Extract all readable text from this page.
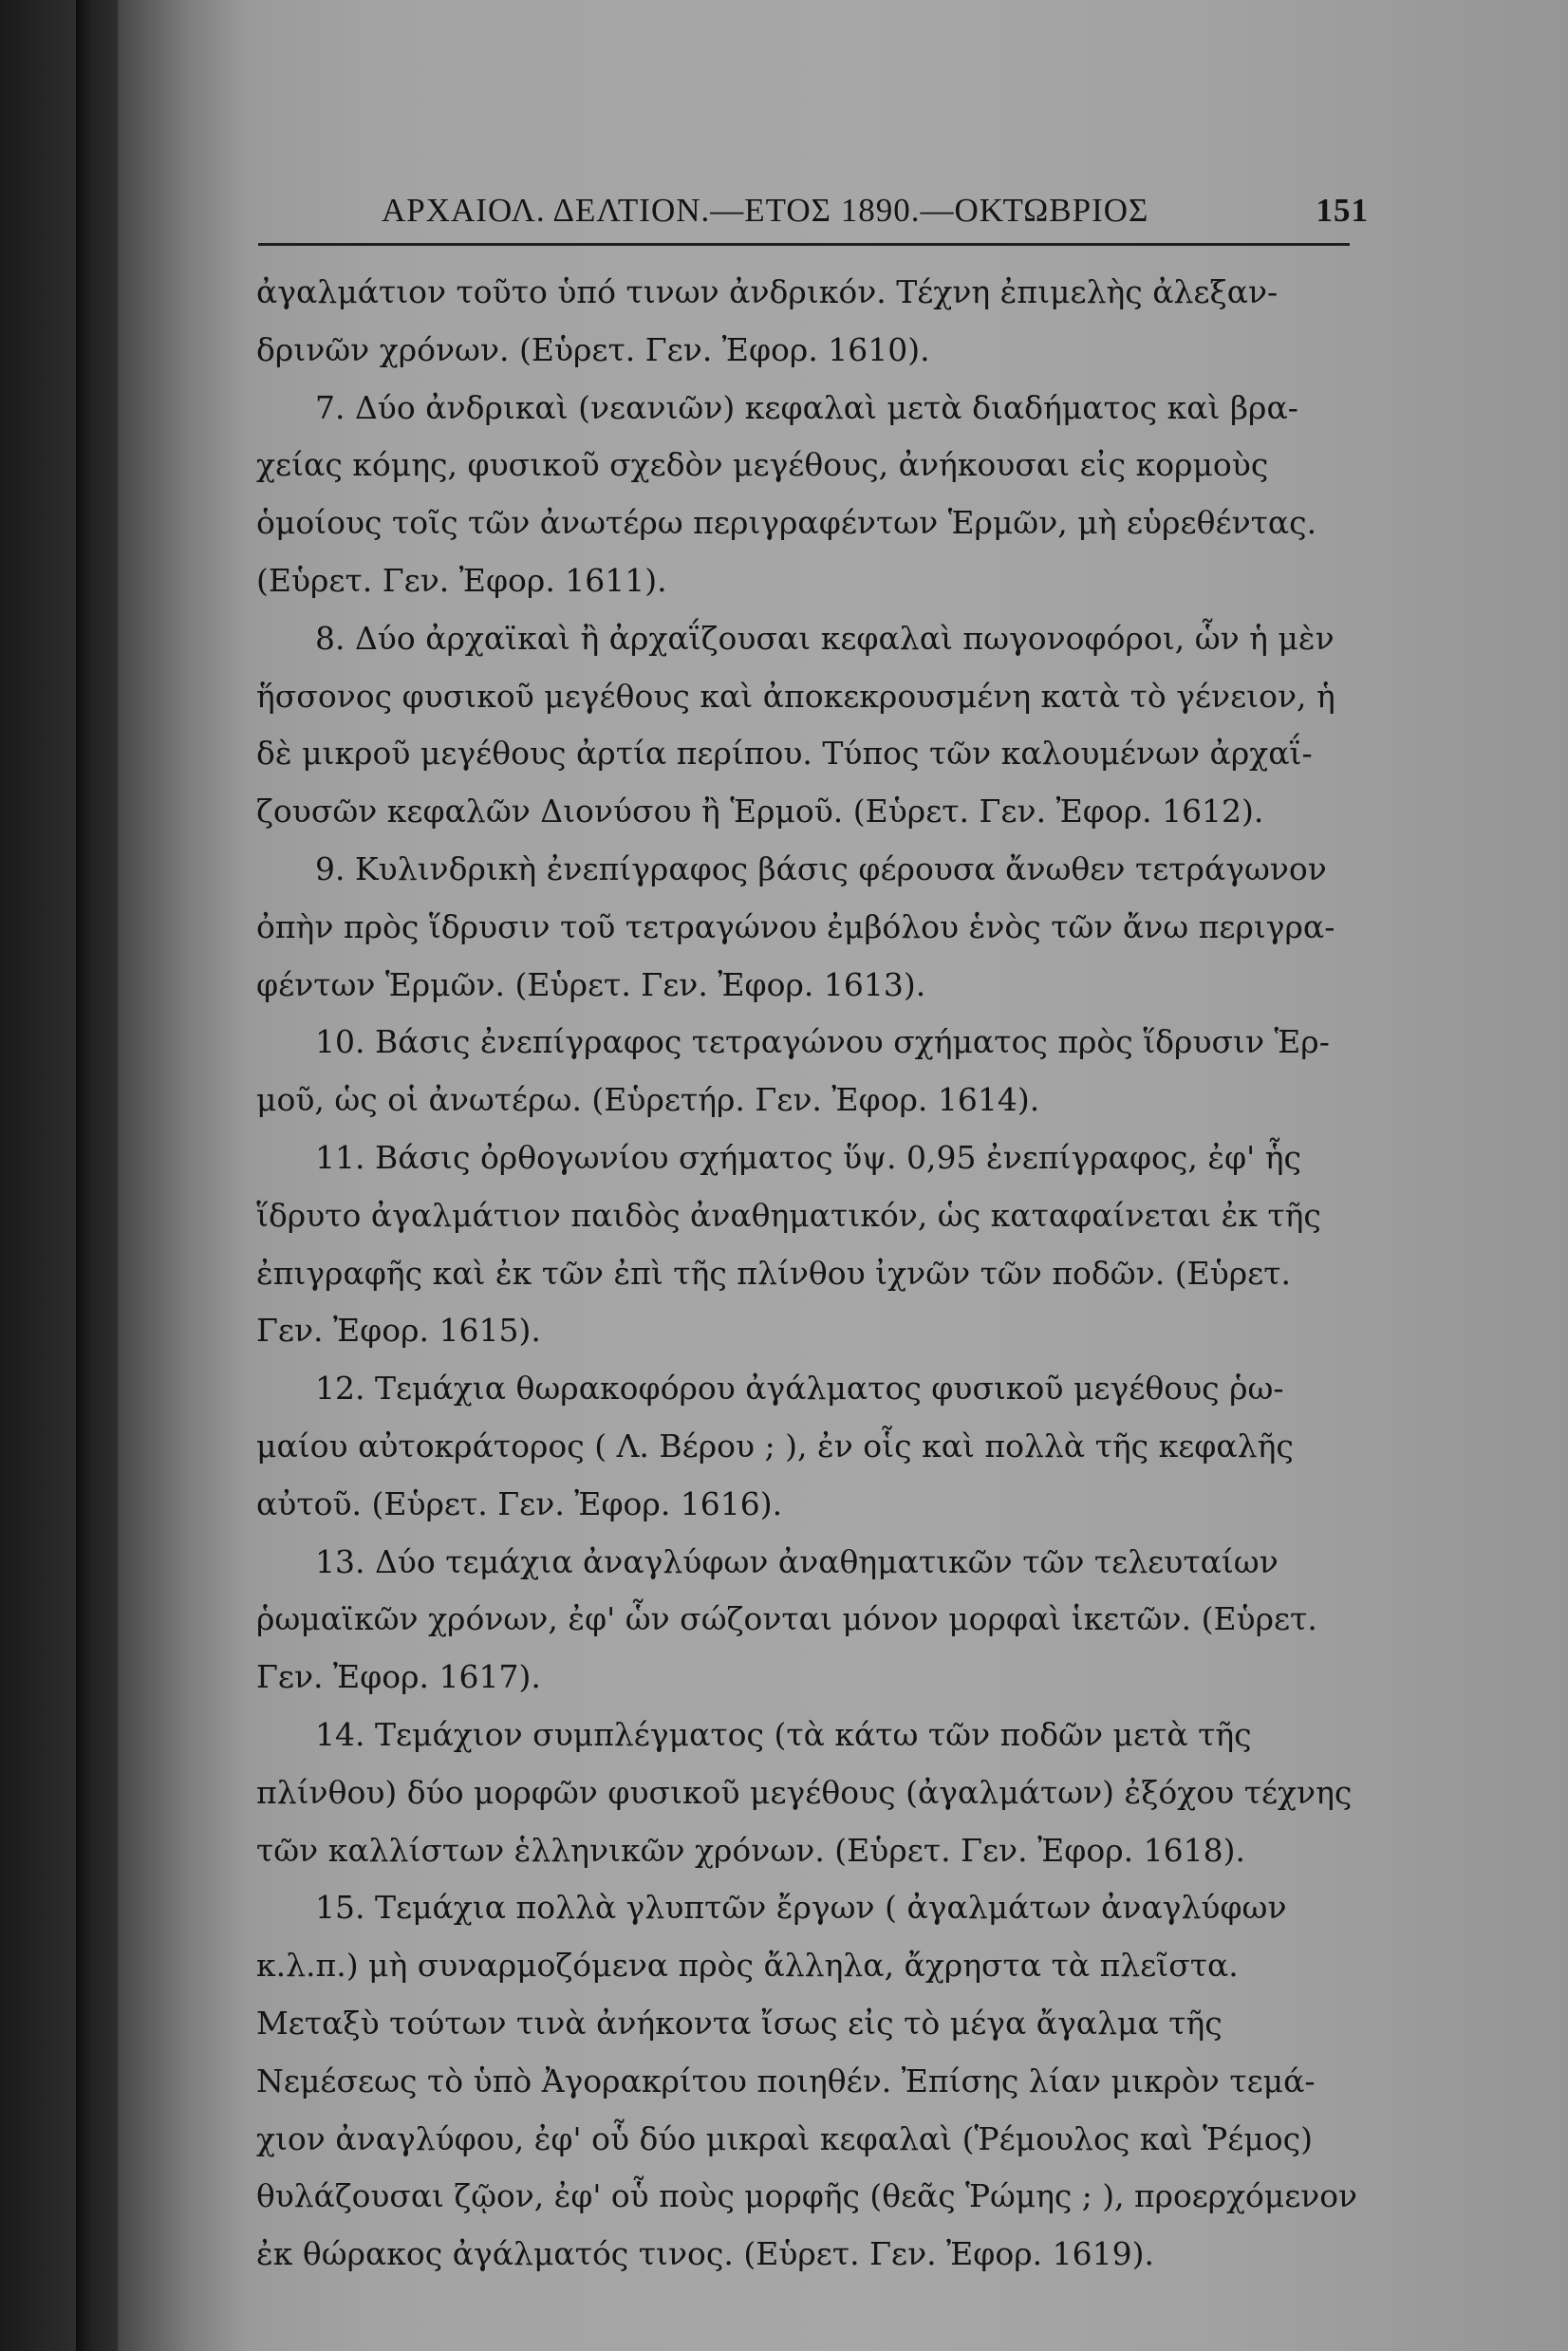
ΑΡΧΑΙΟΛ. ΔΕΛΤΙΟΝ.—ΕΤΟΣ 1890.—ΟΚΤΩΒΡΙΟΣ	151
ἀγαλμάτιον τοῦτο ὑπό τινων ἀνδρικόν. Τέχνη ἐπιμελὴς ἀλεξαν-
δρινῶν χρόνων. (Εὑρετ. Γεν. Ἐφορ. 1610).
7. Δύο ἀνδρικαὶ (νεανιῶν) κεφαλαὶ μετὰ διαδήματος καὶ βρα-
χείας κόμης, φυσικοῦ σχεδὸν μεγέθους, ἀνήκουσαι εἰς κορμοὺς
ὁμοίους τοῖς τῶν ἀνωτέρω περιγραφέντων Ἑρμῶν, μὴ εὑρεθέντας.
(Εὑρετ. Γεν. Ἐφορ. 1611).
8. Δύο ἀρχαϊκαὶ ἢ ἀρχαΐζουσαι κεφαλαὶ πωγονοφόροι, ὧν ἡ μὲν
ἥσσονος φυσικοῦ μεγέθους καὶ ἀποκεκρουσμένη κατὰ τὸ γένειον, ἡ
δὲ μικροῦ μεγέθους ἀρτία περίπου. Τύπος τῶν καλουμένων ἀρχαΐ-
ζουσῶν κεφαλῶν Διονύσου ἢ Ἑρμοῦ. (Εὑρετ. Γεν. Ἐφορ. 1612).
9. Κυλινδρικὴ ἐνεπίγραφος βάσις φέρουσα ἄνωθεν τετράγωνον
ὀπὴν πρὸς ἵδρυσιν τοῦ τετραγώνου ἐμβόλου ἑνὸς τῶν ἄνω περιγρα-
φέντων Ἑρμῶν. (Εὑρετ. Γεν. Ἐφορ. 1613).
10. Βάσις ἐνεπίγραφος τετραγώνου σχήματος πρὸς ἵδρυσιν Ἑρ-
μοῦ, ὡς οἱ ἀνωτέρω. (Εὑρετήρ. Γεν. Ἐφορ. 1614).
11. Βάσις ὀρθογωνίου σχήματος ὕψ. 0,95 ἐνεπίγραφος, ἐφ' ἧς
ἵδρυτο ἀγαλμάτιον παιδὸς ἀναθηματικόν, ὡς καταφαίνεται ἐκ τῆς
ἐπιγραφῆς καὶ ἐκ τῶν ἐπὶ τῆς πλίνθου ἰχνῶν τῶν ποδῶν. (Εὑρετ.
Γεν. Ἐφορ. 1615).
12. Τεμάχια θωρακοφόρου ἀγάλματος φυσικοῦ μεγέθους ῥω-
μαίου αὐτοκράτορος ( Λ. Βέρου ; ), ἐν οἷς καὶ πολλὰ τῆς κεφαλῆς
αὐτοῦ. (Εὑρετ. Γεν. Ἐφορ. 1616).
13. Δύο τεμάχια ἀναγλύφων ἀναθηματικῶν τῶν τελευταίων
ῥωμαϊκῶν χρόνων, ἐφ' ὧν σώζονται μόνον μορφαὶ ἱκετῶν. (Εὑρετ.
Γεν. Ἐφορ. 1617).
14. Τεμάχιον συμπλέγματος (τὰ κάτω τῶν ποδῶν μετὰ τῆς
πλίνθου) δύο μορφῶν φυσικοῦ μεγέθους (ἀγαλμάτων) ἐξόχου τέχνης
τῶν καλλίστων ἑλληνικῶν χρόνων. (Εὑρετ. Γεν. Ἐφορ. 1618).
15. Τεμάχια πολλὰ γλυπτῶν ἔργων ( ἀγαλμάτων ἀναγλύφων
κ.λ.π.) μὴ συναρμοζόμενα πρὸς ἄλληλα, ἄχρηστα τὰ πλεῖστα.
Μεταξὺ τούτων τινὰ ἀνήκοντα ἴσως εἰς τὸ μέγα ἄγαλμα τῆς
Νεμέσεως τὸ ὑπὸ Ἀγορακρίτου ποιηθέν. Ἐπίσης λίαν μικρὸν τεμά-
χιον ἀναγλύφου, ἐφ' οὗ δύο μικραὶ κεφαλαὶ (Ῥέμουλος καὶ Ῥέμος)
θυλάζουσαι ζῷον, ἐφ' οὗ ποὺς μορφῆς (θεᾶς Ῥώμης ; ), προερχόμενον
ἐκ θώρακος ἀγάλματός τινος. (Εὑρετ. Γεν. Ἐφορ. 1619).
